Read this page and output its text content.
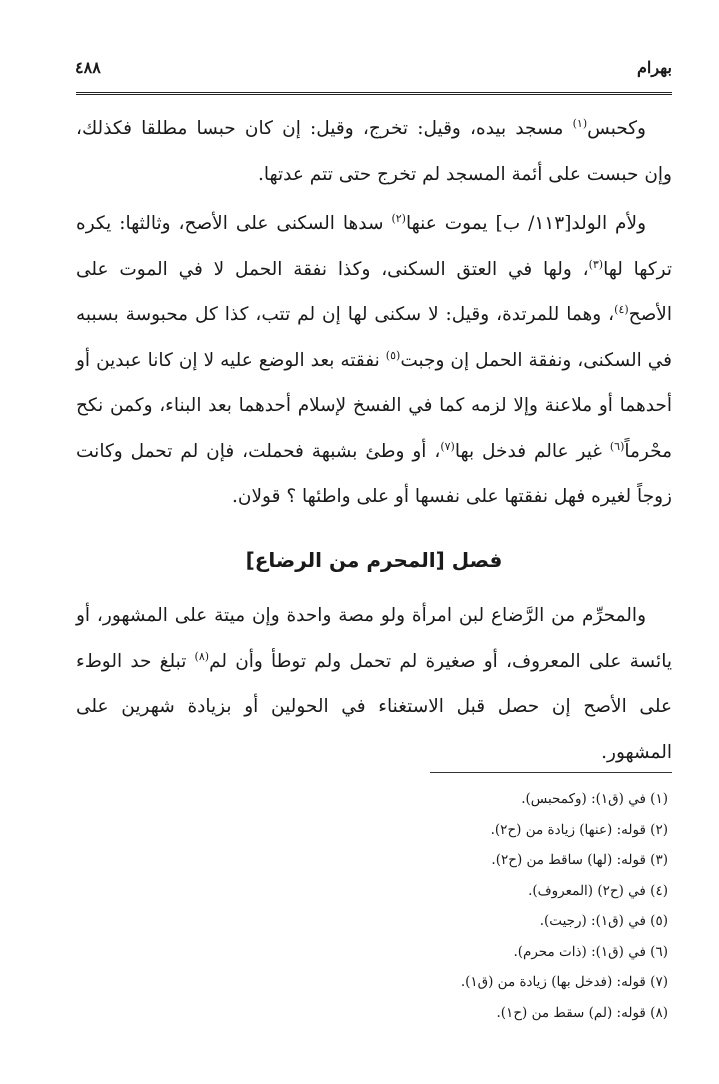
بهرام
٤٨٨

وكحبس$^{(١)}$ مسجد بيده، وقيل: تخرج، وقيل: إن كان حبسا مطلقا فكذلك، وإن حبست على أئمة المسجد لم تخرج حتى تتم عدتها.

ولأم الولد[١١٣/ ب] يموت عنها$^{(٢)}$ سدها السكنى على الأصح، وثالثها: يكره تركها لها$^{(٣)}$، ولها في العتق السكنى، وكذا نفقة الحمل لا في الموت على الأصح$^{(٤)}$، وهما للمرتدة، وقيل: لا سكنى لها إن لم تتب، كذا كل محبوسة بسببه في السكنى، ونفقة الحمل إن وجبت$^{(٥)}$ نفقته بعد الوضع عليه لا إن كانا عبدين أو أحدهما أو ملاعنة وإلا لزمه كما في الفسخ لإسلام أحدهما بعد البناء، وكمن نكح محْرماً$^{(٦)}$ غير عالم فدخل بها$^{(٧)}$، أو وطئ بشبهة فحملت، فإن لم تحمل وكانت زوجاً لغيره فهل نفقتها على نفسها أو على واطئها ؟ قولان.

فصل [المحرم من الرضاع]

والمحرِّم من الرَّضاع لبن امرأة ولو مصة واحدة وإن ميتة على المشهور، أو يائسة على المعروف، أو صغيرة لم تحمل ولم توطأ وأن لم$^{(٨)}$ تبلغ حد الوطء على الأصح إن حصل قبل الاستغناء في الحولين أو بزيادة شهرين على المشهور.

(١) في (ق١): (وكمحبس).
(٢) قوله: (عنها) زيادة من (ح٢).
(٣) قوله: (لها) ساقط من (ح٢).
(٤) في (ح٢) (المعروف).
(٥) في (ق١): (رجيت).
(٦) في (ق١): (ذات محرم).
(٧) قوله: (فدخل بها) زيادة من (ق١).
(٨) قوله: (لم) سقط من (ح١).
